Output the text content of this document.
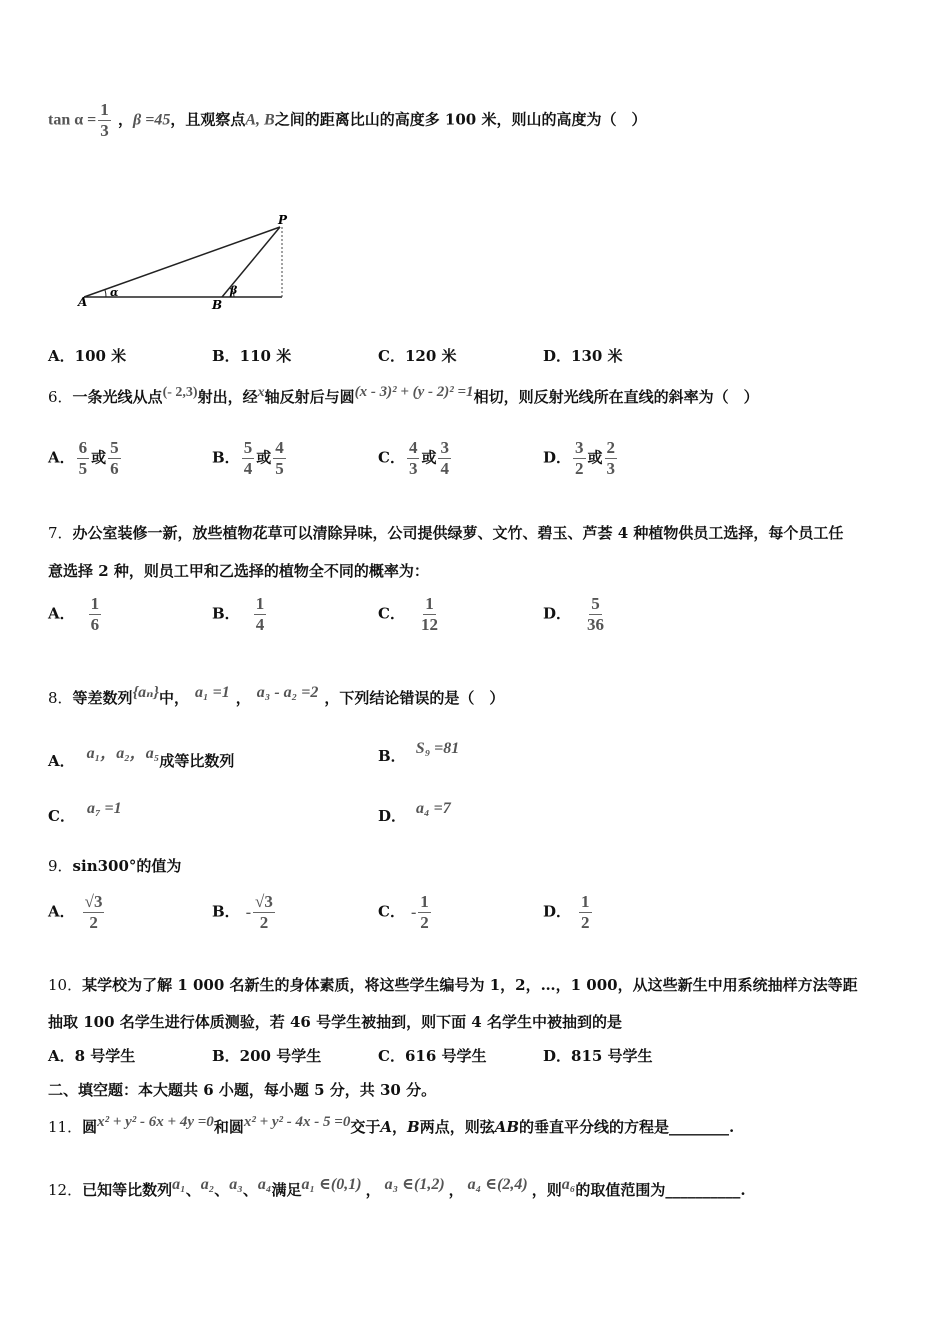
$\tan \alpha = \frac{1}{3}$ ，β =45，且观察点A, B之间的距离比山的高度多 100 米，则山的高度为（　）
P
A	B
α	β
A．100 米	B．110 米	C．120 米	D．130 米
6．一条光线从点(- 2,3)射出，经x轴反射后与圆(x - 3)² + (y - 2)² =1相切，则反射光线所在直线的斜率为（　）
A． $\frac{6}{5}$ 或 $\frac{5}{6}$	B． $\frac{5}{4}$ 或 $\frac{4}{5}$	C． $\frac{4}{3}$ 或 $\frac{3}{4}$	D． $\frac{3}{2}$ 或 $\frac{2}{3}$
7．办公室装修一新，放些植物花草可以清除异味，公司提供绿萝、文竹、碧玉、芦荟 4 种植物供员工选择，每个员工任
意选择 2 种，则员工甲和乙选择的植物全不同的概率为：
A． $\frac{1}{6}$	B． $\frac{1}{4}$	C． $\frac{1}{12}$	D． $\frac{5}{36}$
8．等差数列{aₙ}中， a₁ =1 ， a₃ - a₂ =2 ，下列结论错误的是（　）
A． a₁，a₂，a₅成等比数列	B． S₉ =81
C． a₇ =1	D． a₄ =7
9．sin300°的值为
A． $\frac{√3}{2}$	B． - $\frac{√3}{2}$	C． - $\frac{1}{2}$	D． $\frac{1}{2}$
10．某学校为了解 1 000 名新生的身体素质，将这些学生编号为 1，2，…，1 000，从这些新生中用系统抽样方法等距
抽取 100 名学生进行体质测验，若 46 号学生被抽到，则下面 4 名学生中被抽到的是
A．8 号学生	B．200 号学生	C．616 号学生	D．815 号学生
二、填空题：本大题共 6 小题，每小题 5 分，共 30 分。
11．圆x² + y² - 6x + 4y =0和圆x² + y² - 4x - 5 =0交于A，B两点，则弦AB的垂直平分线的方程是________.
12．已知等比数列a₁、a₂、a₃、a₄满足a₁ ∈(0,1) ， a₃ ∈(1,2) ， a₄ ∈(2,4) ，则a₆的取值范围为__________.
